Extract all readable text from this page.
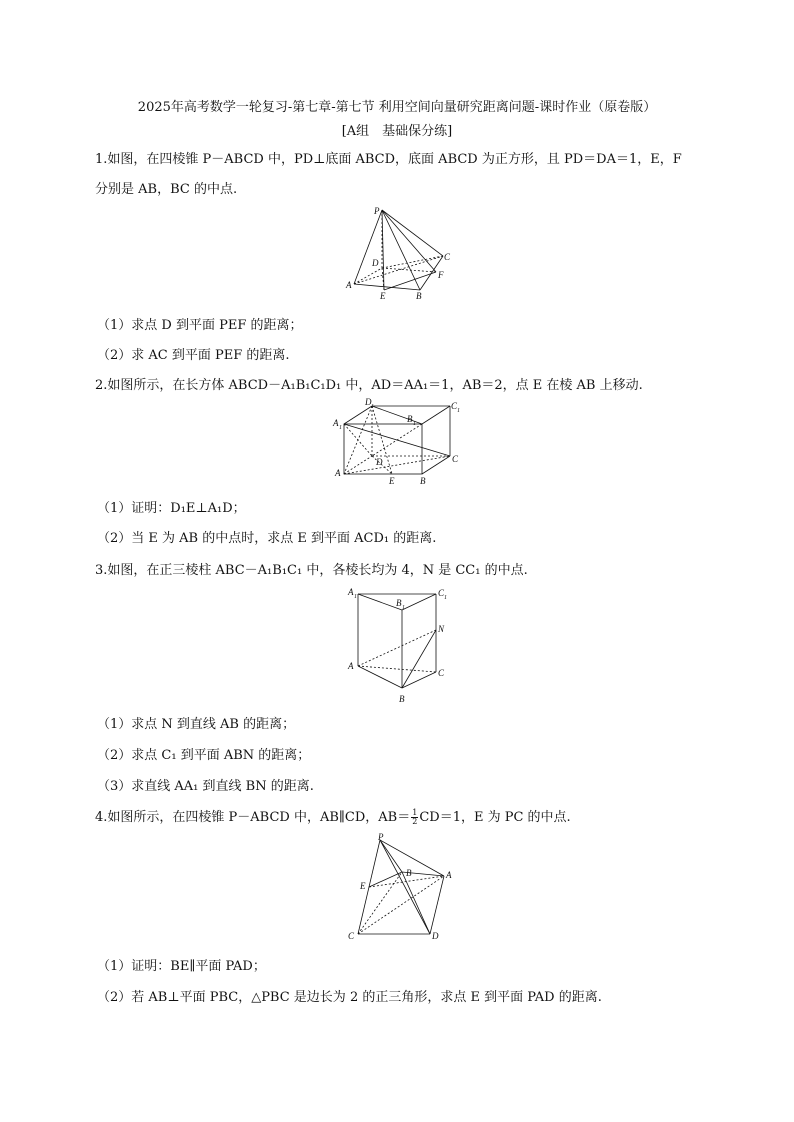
2025年高考数学一轮复习-第七章-第七节 利用空间向量研究距离问题-课时作业（原卷版）
[A组　基础保分练]
1.如图，在四棱锥 P－ABCD 中，PD⊥底面 ABCD，底面 ABCD 为正方形，且 PD＝DA＝1，E，F
分别是 AB，BC 的中点.
P
D
C
A
E	B
F
（1）求点 D 到平面 PEF 的距离；
（2）求 AC 到平面 PEF 的距离.
2.如图所示，在长方体 ABCD－A₁B₁C₁D₁ 中，AD＝AA₁＝1，AB＝2，点 E 在棱 AB 上移动.
D 1	C 1
A 1
B 1
D
A
C
E	B
（1）证明：D₁E⊥A₁D；
（2）当 E 为 AB 的中点时，求点 E 到平面 ACD₁ 的距离.
3.如图，在正三棱柱 ABC－A₁B₁C₁ 中，各棱长均为 4，N 是 CC₁ 的中点.
A 1
B 1
C 1
N
A
C
B
（1）求点 N 到直线 AB 的距离；
（2）求点 C₁ 到平面 ABN 的距离；
（3）求直线 AA₁ 到直线 BN 的距离.
4.如图所示，在四棱锥 P－ABCD 中，AB∥CD，$AB= \frac{1}{2} CD=1$，E 为 PC 的中点.
P
B	A
E
C	D
（1）证明：BE∥平面 PAD；
（2）若 AB⊥平面 PBC，△PBC 是边长为 2 的正三角形，求点 E 到平面 PAD 的距离.
